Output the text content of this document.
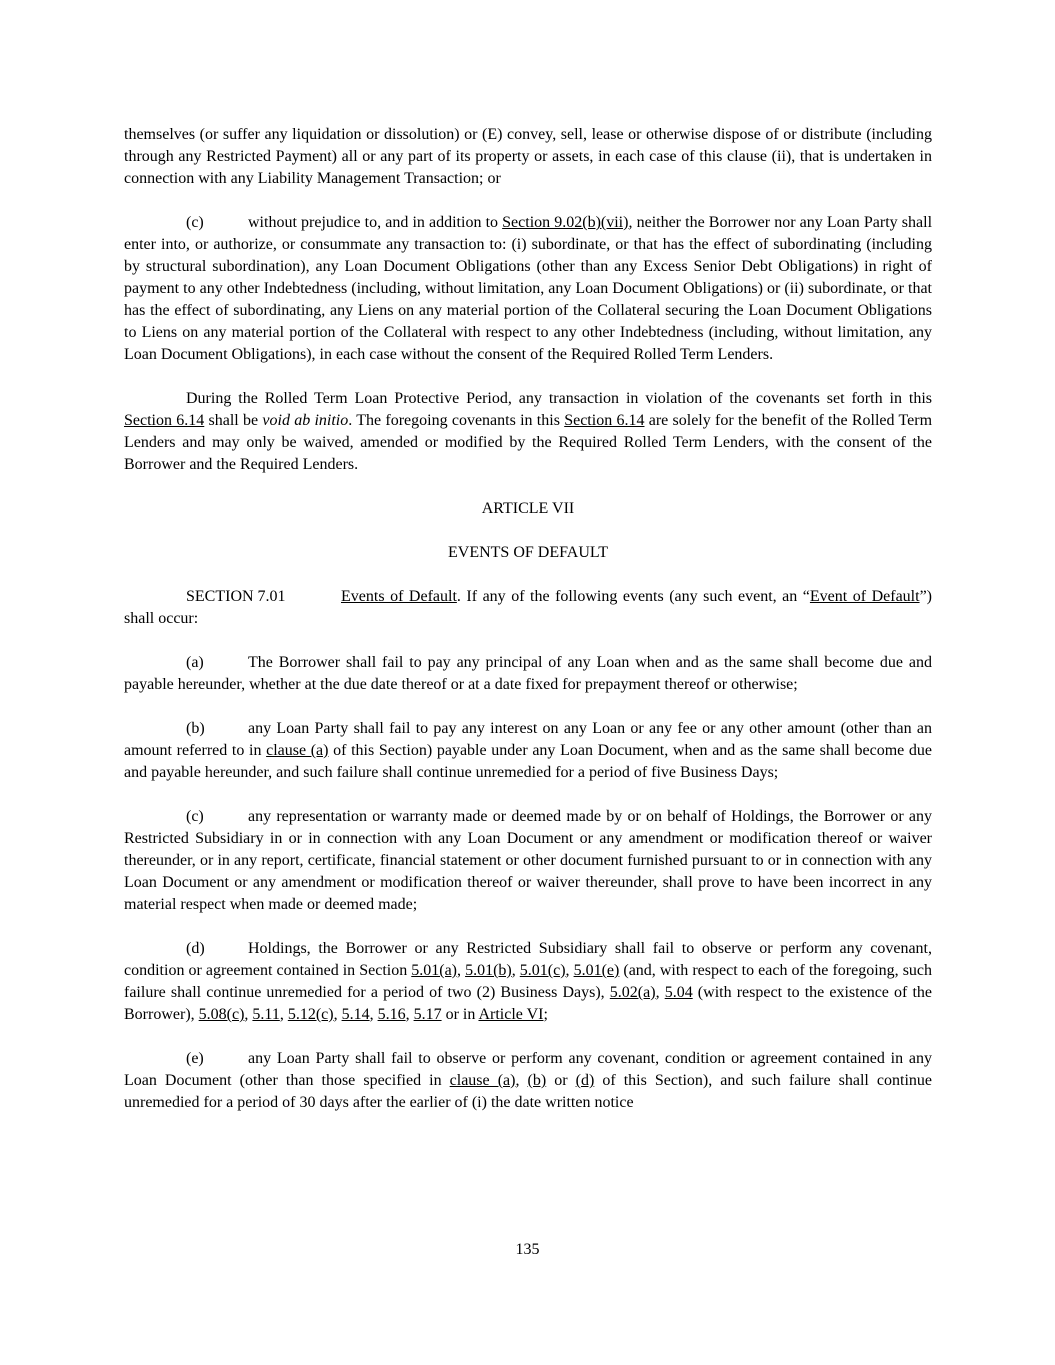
themselves (or suffer any liquidation or dissolution) or (E) convey, sell, lease or otherwise dispose of or distribute (including through any Restricted Payment) all or any part of its property or assets, in each case of this clause (ii), that is undertaken in connection with any Liability Management Transaction; or

(c)	without prejudice to, and in addition to Section 9.02(b)(vii), neither the Borrower nor any Loan Party shall enter into, or authorize, or consummate any transaction to: (i) subordinate, or that has the effect of subordinating (including by structural subordination), any Loan Document Obligations (other than any Excess Senior Debt Obligations) in right of payment to any other Indebtedness (including, without limitation, any Loan Document Obligations) or (ii) subordinate, or that has the effect of subordinating, any Liens on any material portion of the Collateral securing the Loan Document Obligations to Liens on any material portion of the Collateral with respect to any other Indebtedness (including, without limitation, any Loan Document Obligations), in each case without the consent of the Required Rolled Term Lenders.

During the Rolled Term Loan Protective Period, any transaction in violation of the covenants set forth in this Section 6.14 shall be void ab initio. The foregoing covenants in this Section 6.14 are solely for the benefit of the Rolled Term Lenders and may only be waived, amended or modified by the Required Rolled Term Lenders, with the consent of the Borrower and the Required Lenders.

ARTICLE VII

EVENTS OF DEFAULT

SECTION 7.01	Events of Default. If any of the following events (any such event, an “Event of Default”) shall occur:

(a)	The Borrower shall fail to pay any principal of any Loan when and as the same shall become due and payable hereunder, whether at the due date thereof or at a date fixed for prepayment thereof or otherwise;

(b)	any Loan Party shall fail to pay any interest on any Loan or any fee or any other amount (other than an amount referred to in clause (a) of this Section) payable under any Loan Document, when and as the same shall become due and payable hereunder, and such failure shall continue unremedied for a period of five Business Days;

(c)	any representation or warranty made or deemed made by or on behalf of Holdings, the Borrower or any Restricted Subsidiary in or in connection with any Loan Document or any amendment or modification thereof or waiver thereunder, or in any report, certificate, financial statement or other document furnished pursuant to or in connection with any Loan Document or any amendment or modification thereof or waiver thereunder, shall prove to have been incorrect in any material respect when made or deemed made;

(d)	Holdings, the Borrower or any Restricted Subsidiary shall fail to observe or perform any covenant, condition or agreement contained in Section 5.01(a), 5.01(b), 5.01(c), 5.01(e) (and, with respect to each of the foregoing, such failure shall continue unremedied for a period of two (2) Business Days), 5.02(a), 5.04 (with respect to the existence of the Borrower), 5.08(c), 5.11, 5.12(c), 5.14, 5.16, 5.17 or in Article VI;

(e)	any Loan Party shall fail to observe or perform any covenant, condition or agreement contained in any Loan Document (other than those specified in clause (a), (b) or (d) of this Section), and such failure shall continue unremedied for a period of 30 days after the earlier of (i) the date written notice

135
